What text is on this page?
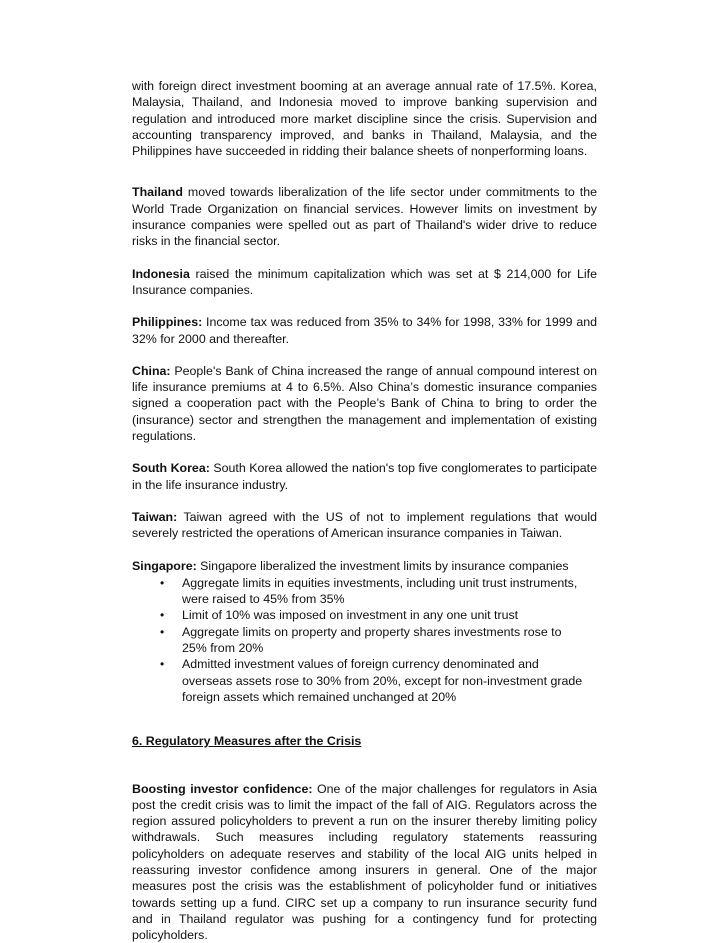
with foreign direct investment booming at an average annual rate of 17.5%. Korea, Malaysia, Thailand, and Indonesia moved to improve banking supervision and regulation and introduced more market discipline since the crisis. Supervision and accounting transparency improved, and banks in Thailand, Malaysia, and the Philippines have succeeded in ridding their balance sheets of nonperforming loans.

Thailand moved towards liberalization of the life sector under commitments to the World Trade Organization on financial services. However limits on investment by insurance companies were spelled out as part of Thailand's wider drive to reduce risks in the financial sector.

Indonesia raised the minimum capitalization which was set at $ 214,000 for Life Insurance companies.

Philippines: Income tax was reduced from 35% to 34% for 1998, 33% for 1999 and 32% for 2000 and thereafter.

China: People's Bank of China increased the range of annual compound interest on life insurance premiums at 4 to 6.5%. Also China’s domestic insurance companies signed a cooperation pact with the People’s Bank of China to bring to order the (insurance) sector and strengthen the management and implementation of existing regulations.

South Korea: South Korea allowed the nation's top five conglomerates to participate in the life insurance industry.

Taiwan: Taiwan agreed with the US of not to implement regulations that would severely restricted the operations of American insurance companies in Taiwan.

Singapore: Singapore liberalized the investment limits by insurance companies

• Aggregate limits in equities investments, including unit trust instruments, were raised to 45% from 35%
• Limit of 10% was imposed on investment in any one unit trust
• Aggregate limits on property and property shares investments rose to 25% from 20%
• Admitted investment values of foreign currency denominated and overseas assets rose to 30% from 20%, except for non-investment grade foreign assets which remained unchanged at 20%

6. Regulatory Measures after the Crisis

Boosting investor confidence: One of the major challenges for regulators in Asia post the credit crisis was to limit the impact of the fall of AIG. Regulators across the region assured policyholders to prevent a run on the insurer thereby limiting policy withdrawals. Such measures including regulatory statements reassuring policyholders on adequate reserves and stability of the local AIG units helped in reassuring investor confidence among insurers in general. One of the major measures post the crisis was the establishment of policyholder fund or initiatives towards setting up a fund. CIRC set up a company to run insurance security fund and in Thailand regulator was pushing for a contingency fund for protecting policyholders.
